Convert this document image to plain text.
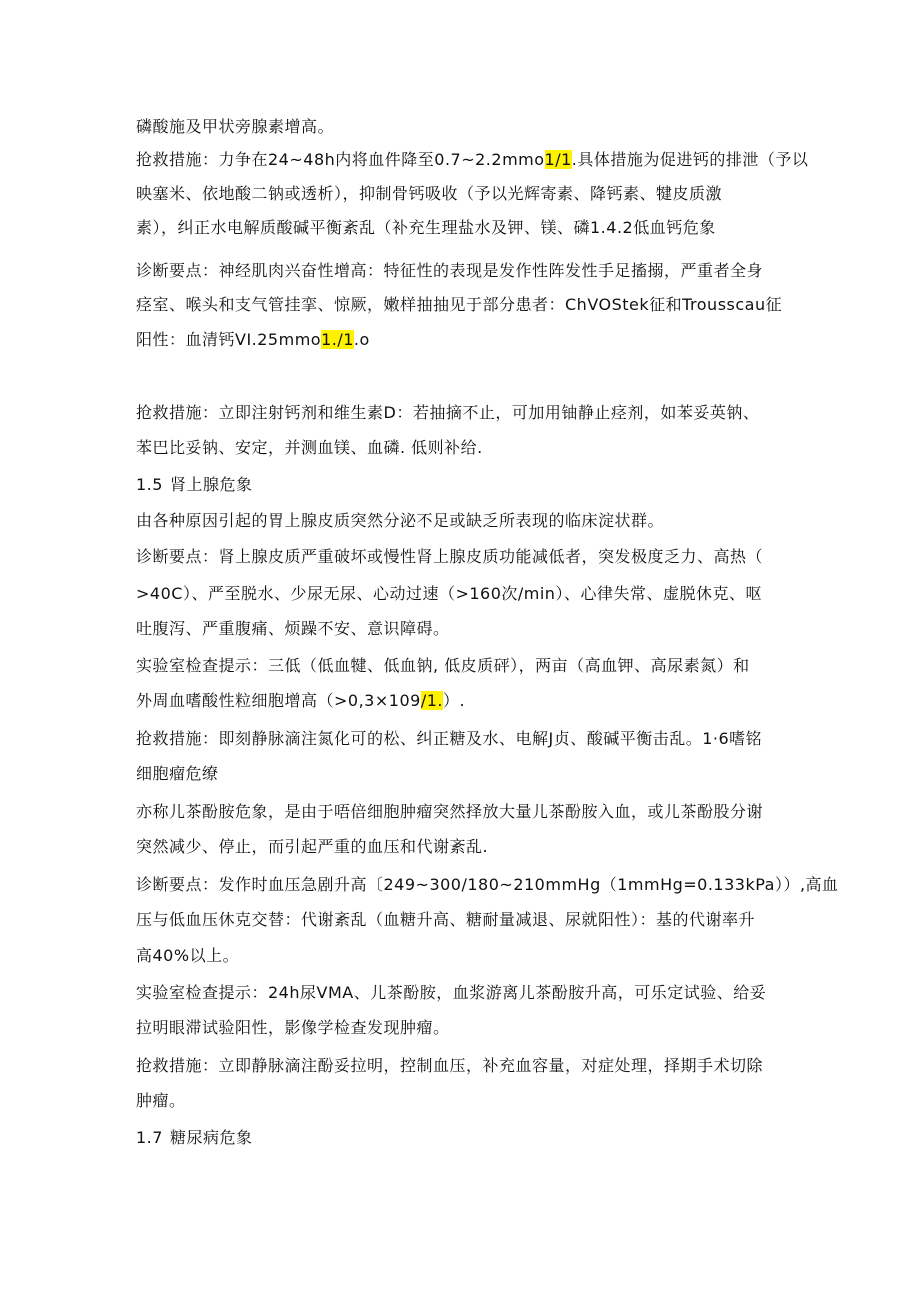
磷酸施及甲状旁腺素增高。
抢救措施：力争在24~48h内将血件降至0.7~2.2mmo1/1.具体措施为促进钙的排泄（予以
映塞米、依地酸二钠或透析），抑制骨钙吸收（予以光辉寄素、降钙素、犍皮质激
素），纠正水电解质酸碱平衡紊乱（补充生理盐水及钾、镁、磷1.4.2低血钙危象
诊断要点：神经肌肉兴奋性增高：特征性的表现是发作性阵发性手足搐搦，严重者全身
痉室、喉头和支气管挂挛、惊厥，嫩样抽抽见于部分患者：ChVOStek征和Trousscau征
阳性：血清钙VI.25mmo1./1.o
抢救措施：立即注射钙剂和维生素D：若抽摘不止，可加用铀静止痉剂，如苯妥英钠、
苯巴比妥钠、安定，并测血镁、血磷. 低则补给.
1.5 肾上腺危象
由各种原因引起的胃上腺皮质突然分泌不足或缺乏所表现的临床淀状群。
诊断要点：肾上腺皮质严重破坏或慢性肾上腺皮质功能减低者，突发极度乏力、高热（
>40C）、严至脱水、少尿无尿、心动过速（>160次/min）、心律失常、虚脱休克、呕
吐腹泻、严重腹痛、烦躁不安、意识障碍。
实验室检查提示：三低（低血犍、低血钠, 低皮质砰），两亩（高血钾、高尿素氮）和
外周血嗜酸性粒细胞增高（>0,3×109/1.）.
抢救措施：即刻静脉滴注氮化可的松、纠正糖及水、电解J贞、酸碱平衡击乱。1·6嗜铭
细胞瘤危缭
亦称儿茶酚胺危象，是由于唔倍细胞肿瘤突然择放大量儿茶酚胺入血，或儿茶酚股分谢
突然减少、停止，而引起严重的血压和代谢紊乱.
诊断要点：发作时血压急剧升高〔249~300∕180~210mmHg（1mmHg=0.133kPa））,高血
压与低血压休克交替：代谢紊乱（血糖升高、糖耐量减退、尿就阳性）：基的代谢率升
高40%以上。
实验室检查提示：24h尿VMA、儿茶酚胺，血浆游离儿茶酚胺升高，可乐定试验、给妥
拉明眼滞试验阳性，影像学检查发现肿瘤。
抢救措施：立即静脉滴注酚妥拉明，控制血压，补充血容量，对症处理，择期手术切除
肿瘤。
1.7 糖尿病危象
